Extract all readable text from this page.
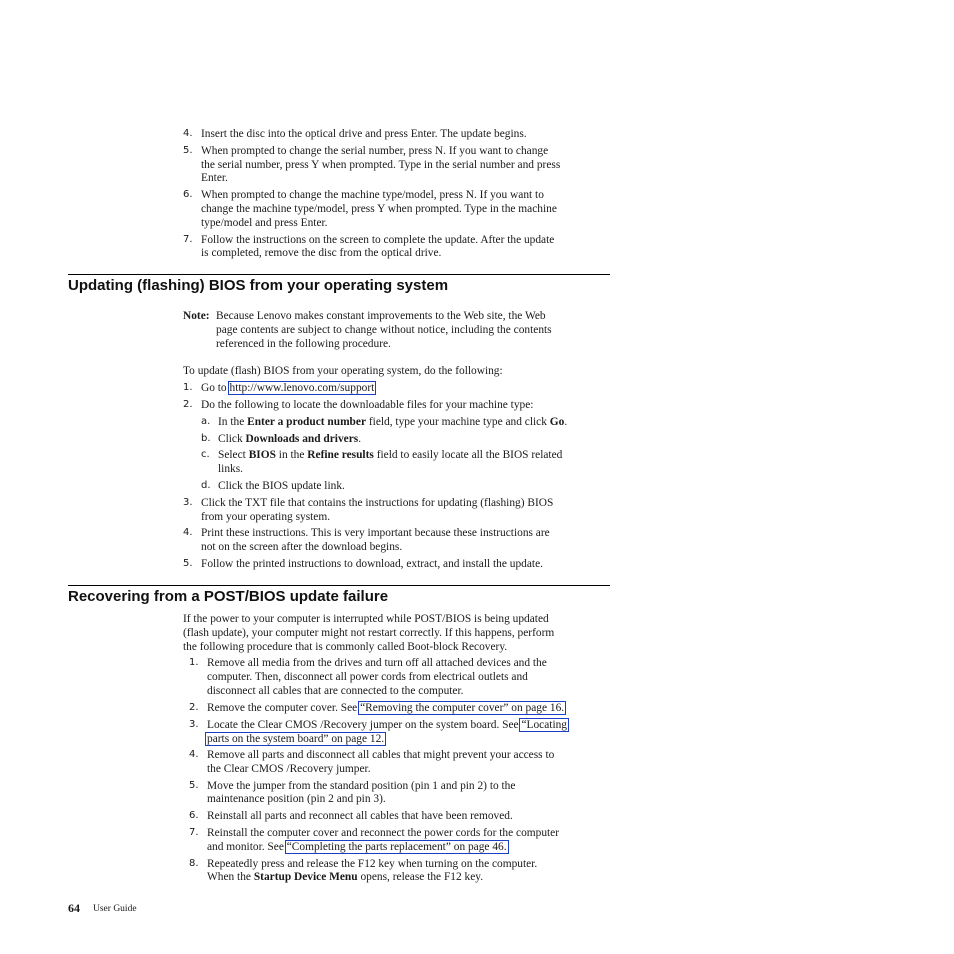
4. Insert the disc into the optical drive and press Enter. The update begins.
5. When prompted to change the serial number, press N. If you want to change
the serial number, press Y when prompted. Type in the serial number and press
Enter.
6. When prompted to change the machine type/model, press N. If you want to
change the machine type/model, press Y when prompted. Type in the machine
type/model and press Enter.
7. Follow the instructions on the screen to complete the update. After the update
is completed, remove the disc from the optical drive.
Updating (flashing) BIOS from your operating system
Note: Because Lenovo makes constant improvements to the Web site, the Web
page contents are subject to change without notice, including the contents
referenced in the following procedure.
To update (flash) BIOS from your operating system, do the following:
1. Go to http://www.lenovo.com/support
2. Do the following to locate the downloadable files for your machine type:
a. In the Enter a product number field, type your machine type and click Go.
b. Click Downloads and drivers.
c. Select BIOS in the Refine results field to easily locate all the BIOS related
links.
d. Click the BIOS update link.
3. Click the TXT file that contains the instructions for updating (flashing) BIOS
from your operating system.
4. Print these instructions. This is very important because these instructions are
not on the screen after the download begins.
5. Follow the printed instructions to download, extract, and install the update.
Recovering from a POST/BIOS update failure
If the power to your computer is interrupted while POST/BIOS is being updated
(flash update), your computer might not restart correctly. If this happens, perform
the following procedure that is commonly called Boot-block Recovery.
1. Remove all media from the drives and turn off all attached devices and the
computer. Then, disconnect all power cords from electrical outlets and
disconnect all cables that are connected to the computer.
2. Remove the computer cover. See “Removing the computer cover” on page 16.
3. Locate the Clear CMOS /Recovery jumper on the system board. See “Locating
parts on the system board” on page 12.
4. Remove all parts and disconnect all cables that might prevent your access to
the Clear CMOS /Recovery jumper.
5. Move the jumper from the standard position (pin 1 and pin 2) to the
maintenance position (pin 2 and pin 3).
6. Reinstall all parts and reconnect all cables that have been removed.
7. Reinstall the computer cover and reconnect the power cords for the computer
and monitor. See “Completing the parts replacement” on page 46.
8. Repeatedly press and release the F12 key when turning on the computer.
When the Startup Device Menu opens, release the F12 key.
64 User Guide
